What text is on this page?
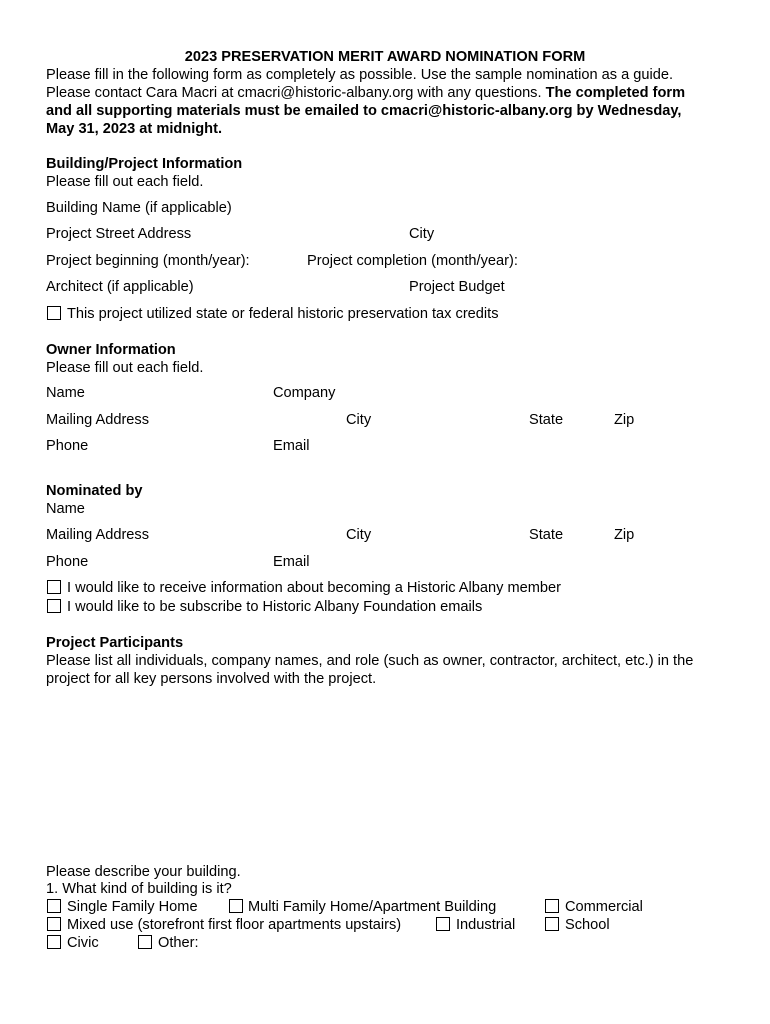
2023 PRESERVATION MERIT AWARD NOMINATION FORM
Please fill in the following form as completely as possible. Use the sample nomination as a guide.
Please contact Cara Macri at cmacri@historic-albany.org with any questions. The completed form
and all supporting materials must be emailed to cmacri@historic-albany.org by Wednesday,
May 31, 2023 at midnight.
Building/Project Information
Please fill out each field.
Building Name (if applicable)
Project Street Address	City
Project beginning (month/year):	Project completion (month/year):
Architect (if applicable)	Project Budget
This project utilized state or federal historic preservation tax credits
Owner Information
Please fill out each field.
Name	Company
Mailing Address	City	State	Zip
Phone	Email
Nominated by
Name
Mailing Address	City	State	Zip
Phone	Email
I would like to receive information about becoming a Historic Albany member
I would like to be subscribe to Historic Albany Foundation emails
Project Participants
Please list all individuals, company names, and role (such as owner, contractor, architect, etc.) in the
project for all key persons involved with the project.
Please describe your building.
1. What kind of building is it?
Single Family Home	Multi Family Home/Apartment Building	Commercial
Mixed use (storefront first floor apartments upstairs)	Industrial	School
Civic	Other:
